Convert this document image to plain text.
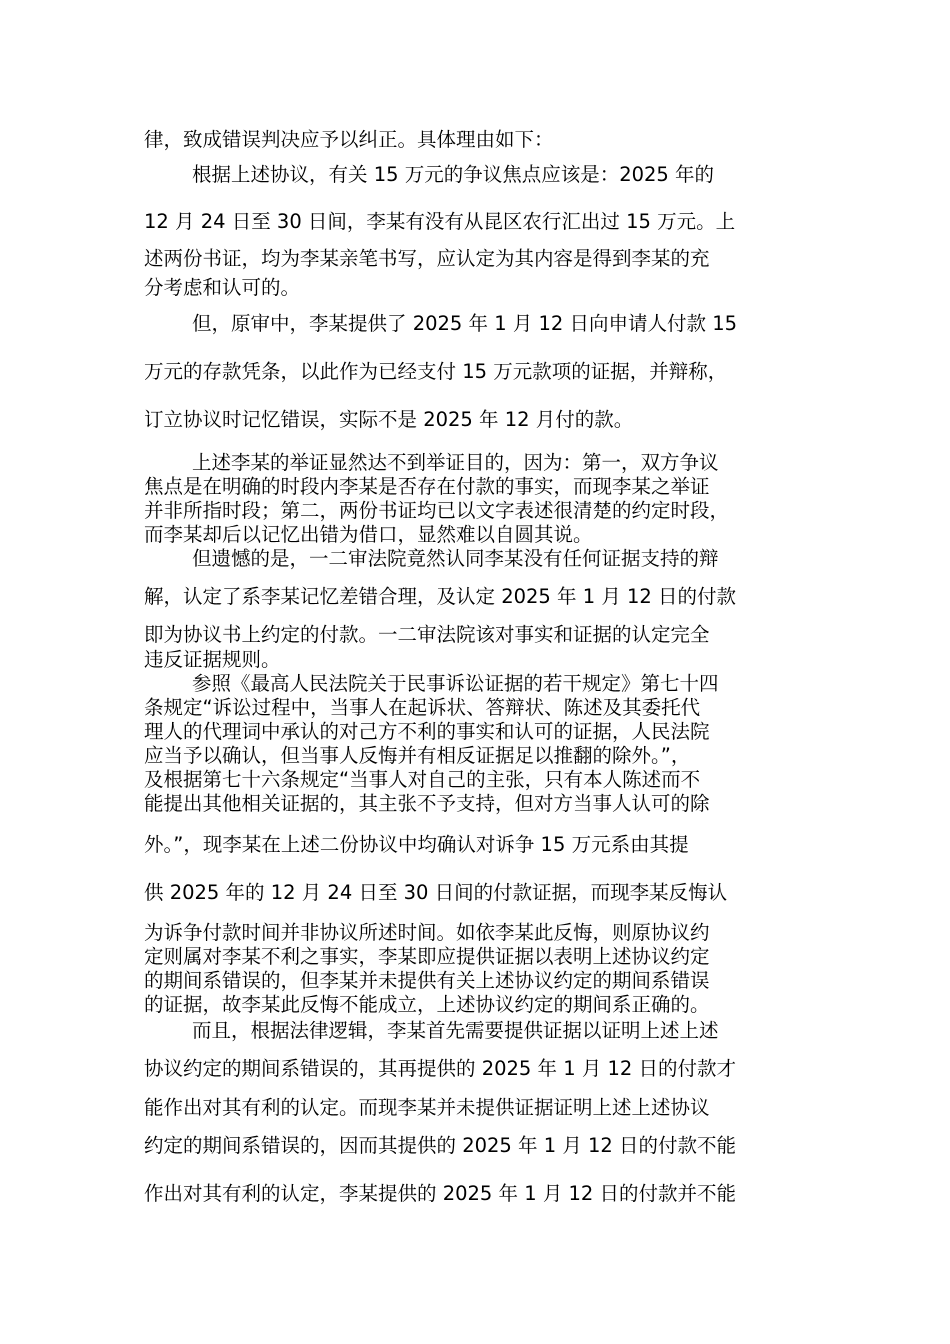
律，致成错误判决应予以纠正。具体理由如下：
根据上述协议，有关 15 万元的争议焦点应该是：2025 年的
12 月 24 日至 30 日间，李某有没有从昆区农行汇出过 15 万元。上
述两份书证，均为李某亲笔书写，应认定为其内容是得到李某的充
分考虑和认可的。
但，原审中，李某提供了 2025 年 1 月 12 日向申请人付款 15
万元的存款凭条，以此作为已经支付 15 万元款项的证据，并辩称，
订立协议时记忆错误，实际不是 2025 年 12 月付的款。
上述李某的举证显然达不到举证目的，因为：第一，双方争议
焦点是在明确的时段内李某是否存在付款的事实，而现李某之举证
并非所指时段；第二，两份书证均已以文字表述很清楚的约定时段，
而李某却后以记忆出错为借口，显然难以自圆其说。
但遗憾的是，一二审法院竟然认同李某没有任何证据支持的辩
解，认定了系李某记忆差错合理，及认定 2025 年 1 月 12 日的付款
即为协议书上约定的付款。一二审法院该对事实和证据的认定完全
违反证据规则。
参照《最高人民法院关于民事诉讼证据的若干规定》第七十四
条规定“诉讼过程中，当事人在起诉状、答辩状、陈述及其委托代
理人的代理词中承认的对己方不利的事实和认可的证据，人民法院
应当予以确认，但当事人反悔并有相反证据足以推翻的除外。”，
及根据第七十六条规定“当事人对自己的主张，只有本人陈述而不
能提出其他相关证据的，其主张不予支持，但对方当事人认可的除
外。”，现李某在上述二份协议中均确认对诉争 15 万元系由其提
供 2025 年的 12 月 24 日至 30 日间的付款证据，而现李某反悔认
为诉争付款时间并非协议所述时间。如依李某此反悔，则原协议约
定则属对李某不利之事实，李某即应提供证据以表明上述协议约定
的期间系错误的，但李某并未提供有关上述协议约定的期间系错误
的证据，故李某此反悔不能成立，上述协议约定的期间系正确的。
而且，根据法律逻辑，李某首先需要提供证据以证明上述上述
协议约定的期间系错误的，其再提供的 2025 年 1 月 12 日的付款才
能作出对其有利的认定。而现李某并未提供证据证明上述上述协议
约定的期间系错误的，因而其提供的 2025 年 1 月 12 日的付款不能
作出对其有利的认定，李某提供的 2025 年 1 月 12 日的付款并不能
